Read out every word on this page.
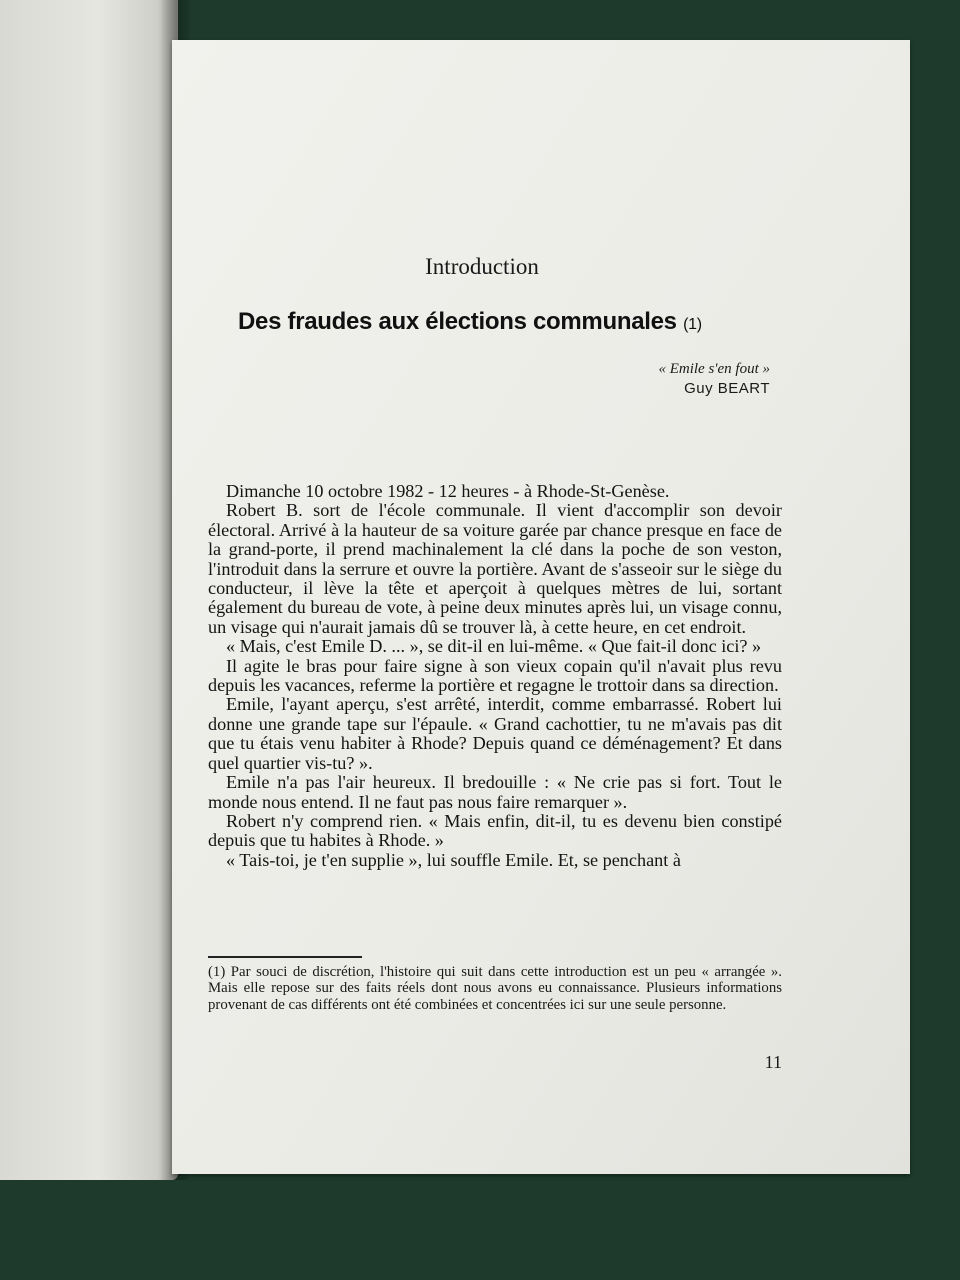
Introduction
Des fraudes aux élections communales (1)
« Emile s'en fout »
Guy BEART

Dimanche 10 octobre 1982 - 12 heures - à Rhode-St-Genèse.

Robert B. sort de l'école communale. Il vient d'accomplir son devoir électoral. Arrivé à la hauteur de sa voiture garée par chance presque en face de la grand-porte, il prend machinalement la clé dans la poche de son veston, l'introduit dans la serrure et ouvre la portière. Avant de s'asseoir sur le siège du conducteur, il lève la tête et aperçoit à quelques mètres de lui, sortant également du bureau de vote, à peine deux minutes après lui, un visage connu, un visage qui n'aurait jamais dû se trouver là, à cette heure, en cet endroit.

« Mais, c'est Emile D. ... », se dit-il en lui-même. « Que fait-il donc ici? »

Il agite le bras pour faire signe à son vieux copain qu'il n'avait plus revu depuis les vacances, referme la portière et regagne le trottoir dans sa direction.

Emile, l'ayant aperçu, s'est arrêté, interdit, comme embarrassé. Robert lui donne une grande tape sur l'épaule. « Grand cachottier, tu ne m'avais pas dit que tu étais venu habiter à Rhode? Depuis quand ce déménagement? Et dans quel quartier vis-tu? ».

Emile n'a pas l'air heureux. Il bredouille : « Ne crie pas si fort. Tout le monde nous entend. Il ne faut pas nous faire remarquer ».

Robert n'y comprend rien. « Mais enfin, dit-il, tu es devenu bien constipé depuis que tu habites à Rhode. »

« Tais-toi, je t'en supplie », lui souffle Emile. Et, se penchant à

(1) Par souci de discrétion, l'histoire qui suit dans cette introduction est un peu « arrangée ». Mais elle repose sur des faits réels dont nous avons eu connaissance. Plusieurs informations provenant de cas différents ont été combinées et concentrées ici sur une seule personne.
11
